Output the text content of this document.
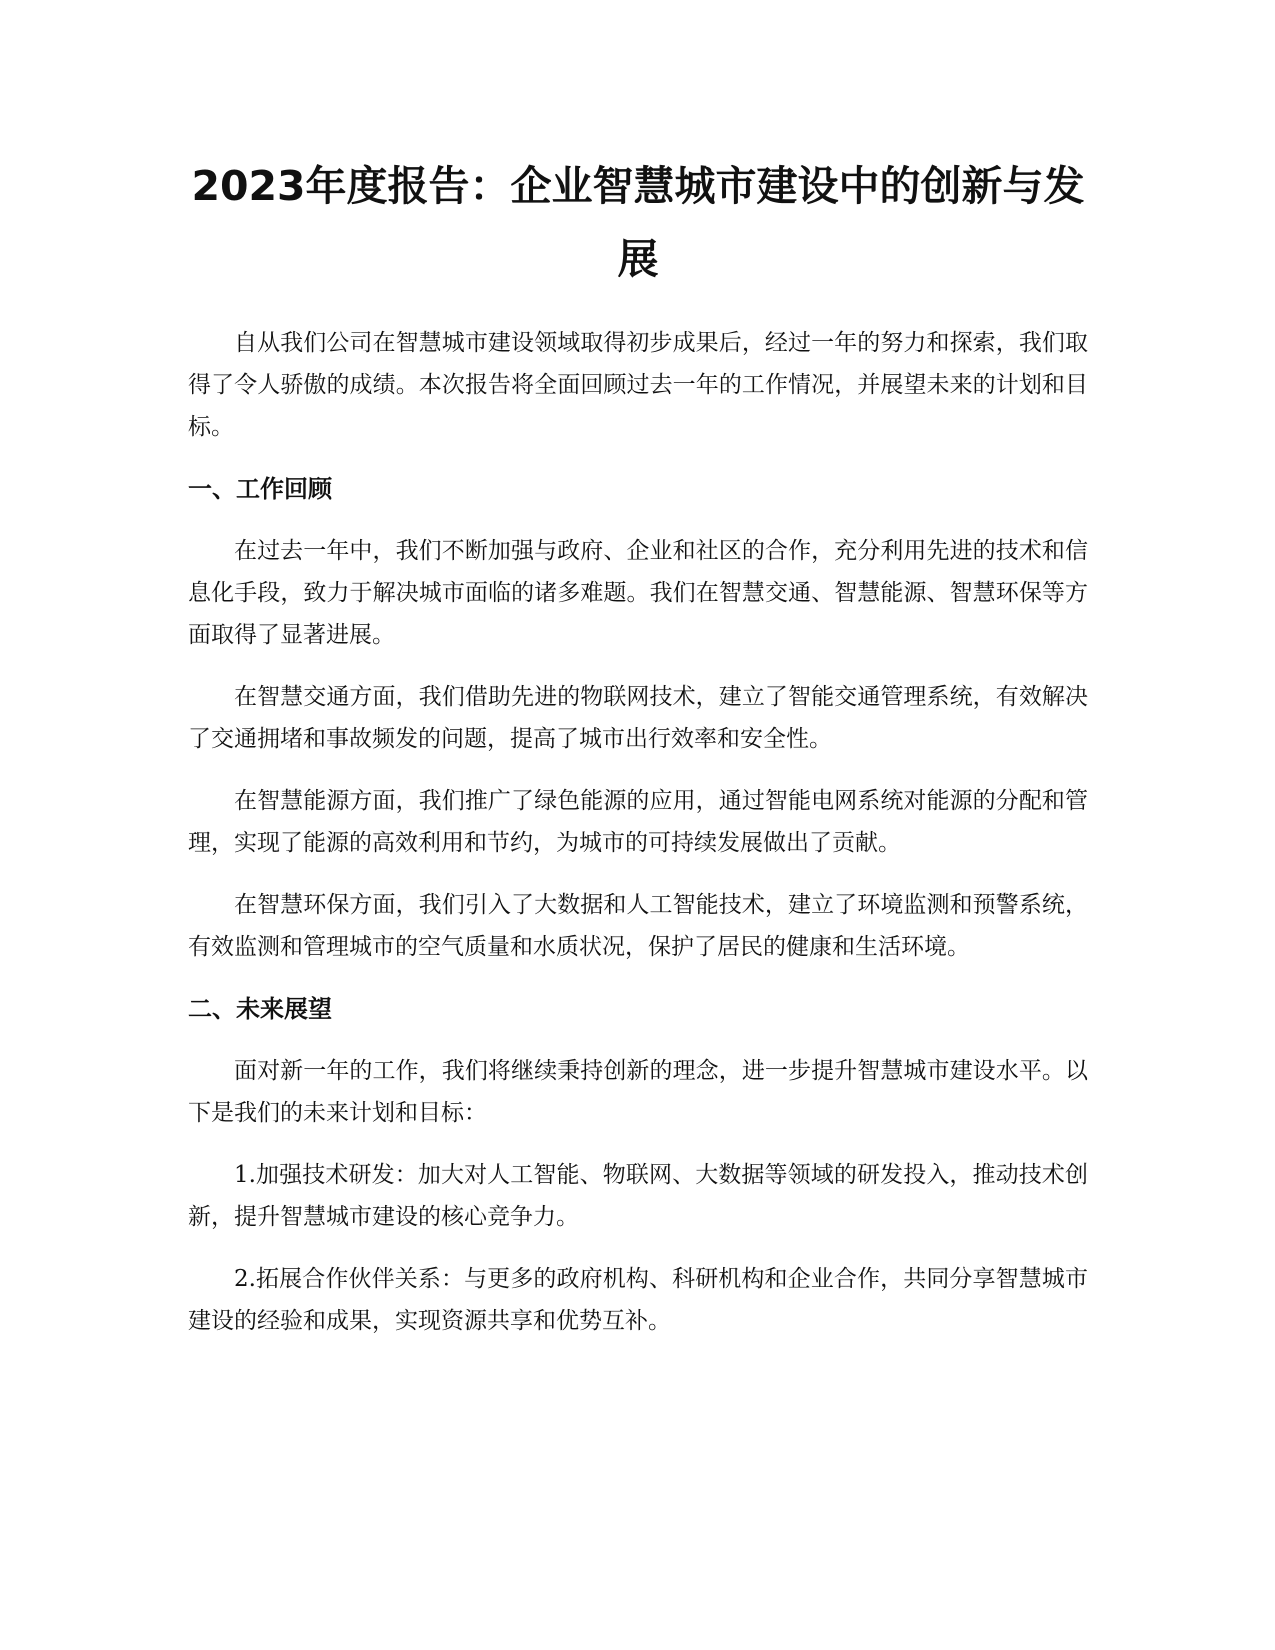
2023年度报告：企业智慧城市建设中的创新与发展

自从我们公司在智慧城市建设领域取得初步成果后，经过一年的努力和探索，我们取得了令人骄傲的成绩。本次报告将全面回顾过去一年的工作情况，并展望未来的计划和目标。

一、工作回顾

在过去一年中，我们不断加强与政府、企业和社区的合作，充分利用先进的技术和信息化手段，致力于解决城市面临的诸多难题。我们在智慧交通、智慧能源、智慧环保等方面取得了显著进展。

在智慧交通方面，我们借助先进的物联网技术，建立了智能交通管理系统，有效解决了交通拥堵和事故频发的问题，提高了城市出行效率和安全性。

在智慧能源方面，我们推广了绿色能源的应用，通过智能电网系统对能源的分配和管理，实现了能源的高效利用和节约，为城市的可持续发展做出了贡献。

在智慧环保方面，我们引入了大数据和人工智能技术，建立了环境监测和预警系统，有效监测和管理城市的空气质量和水质状况，保护了居民的健康和生活环境。

二、未来展望

面对新一年的工作，我们将继续秉持创新的理念，进一步提升智慧城市建设水平。以下是我们的未来计划和目标：

1.加强技术研发：加大对人工智能、物联网、大数据等领域的研发投入，推动技术创新，提升智慧城市建设的核心竞争力。

2.拓展合作伙伴关系：与更多的政府机构、科研机构和企业合作，共同分享智慧城市建设的经验和成果，实现资源共享和优势互补。
